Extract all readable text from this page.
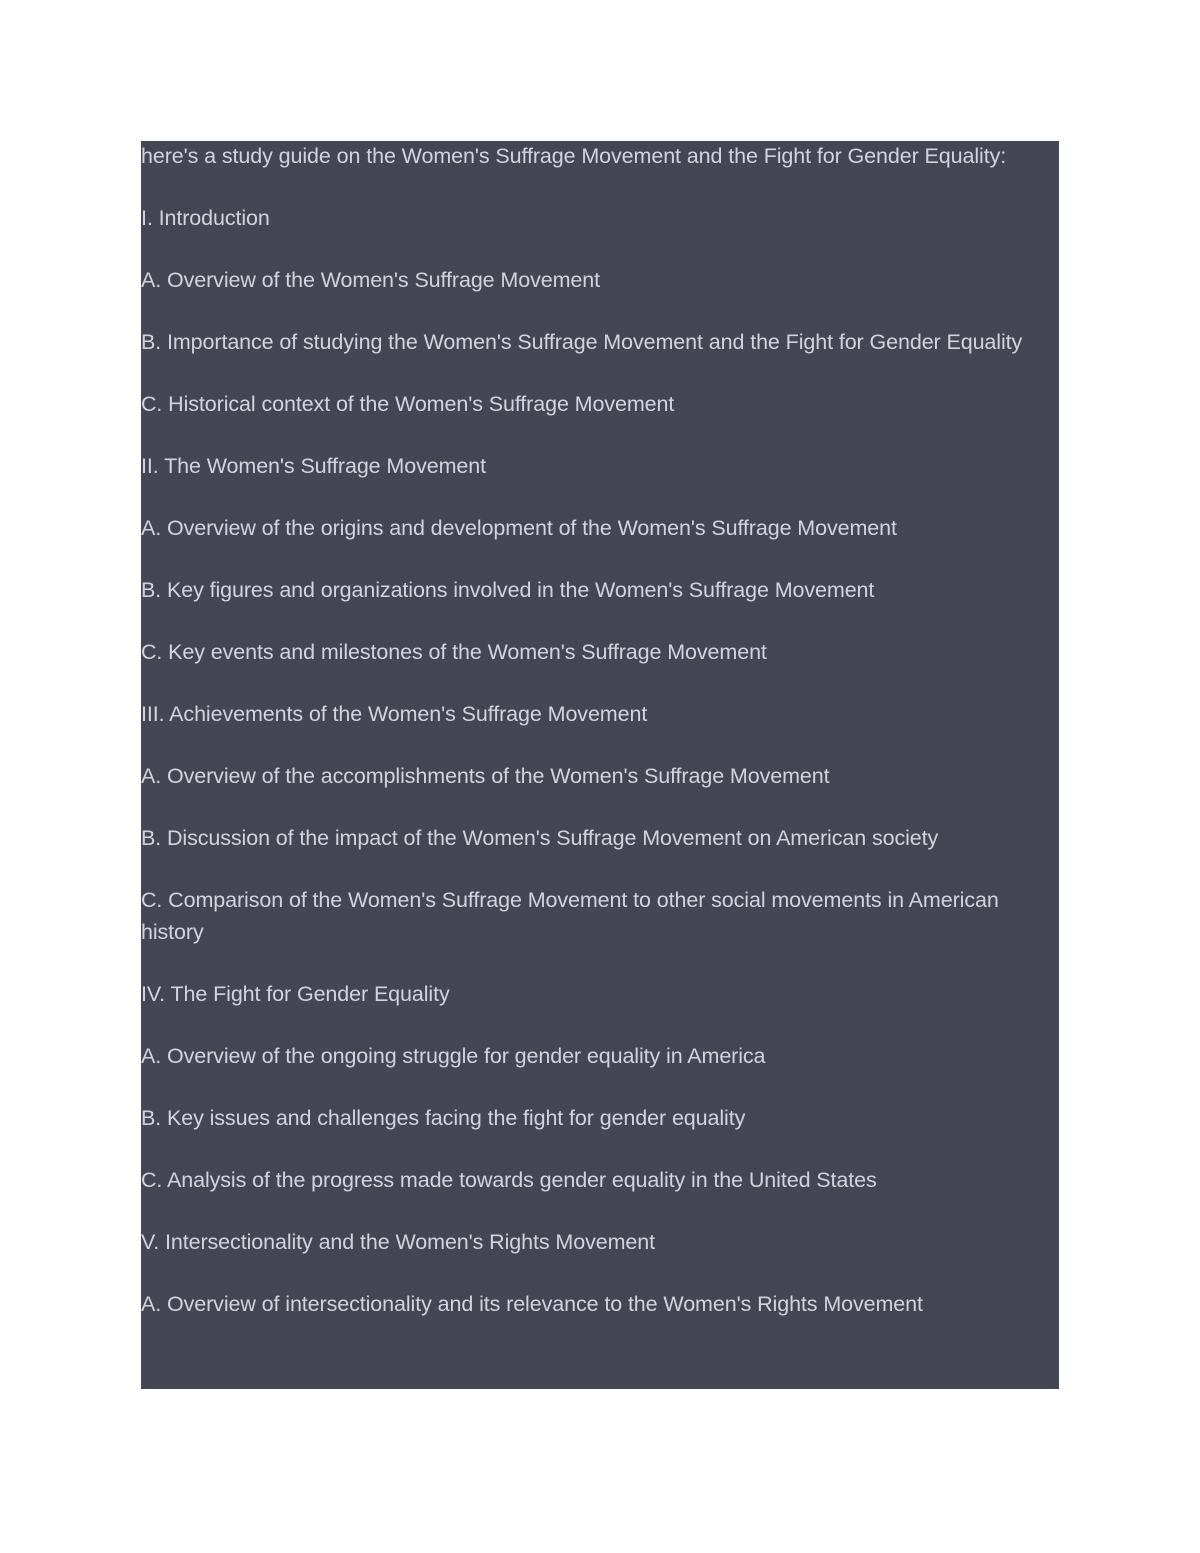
here's a study guide on the Women's Suffrage Movement and the Fight for Gender Equality:

I. Introduction

A. Overview of the Women's Suffrage Movement

B. Importance of studying the Women's Suffrage Movement and the Fight for Gender Equality

C. Historical context of the Women's Suffrage Movement

II. The Women's Suffrage Movement

A. Overview of the origins and development of the Women's Suffrage Movement

B. Key figures and organizations involved in the Women's Suffrage Movement

C. Key events and milestones of the Women's Suffrage Movement

III. Achievements of the Women's Suffrage Movement

A. Overview of the accomplishments of the Women's Suffrage Movement

B. Discussion of the impact of the Women's Suffrage Movement on American society

C. Comparison of the Women's Suffrage Movement to other social movements in American history

IV. The Fight for Gender Equality

A. Overview of the ongoing struggle for gender equality in America

B. Key issues and challenges facing the fight for gender equality

C. Analysis of the progress made towards gender equality in the United States

V. Intersectionality and the Women's Rights Movement

A. Overview of intersectionality and its relevance to the Women's Rights Movement
